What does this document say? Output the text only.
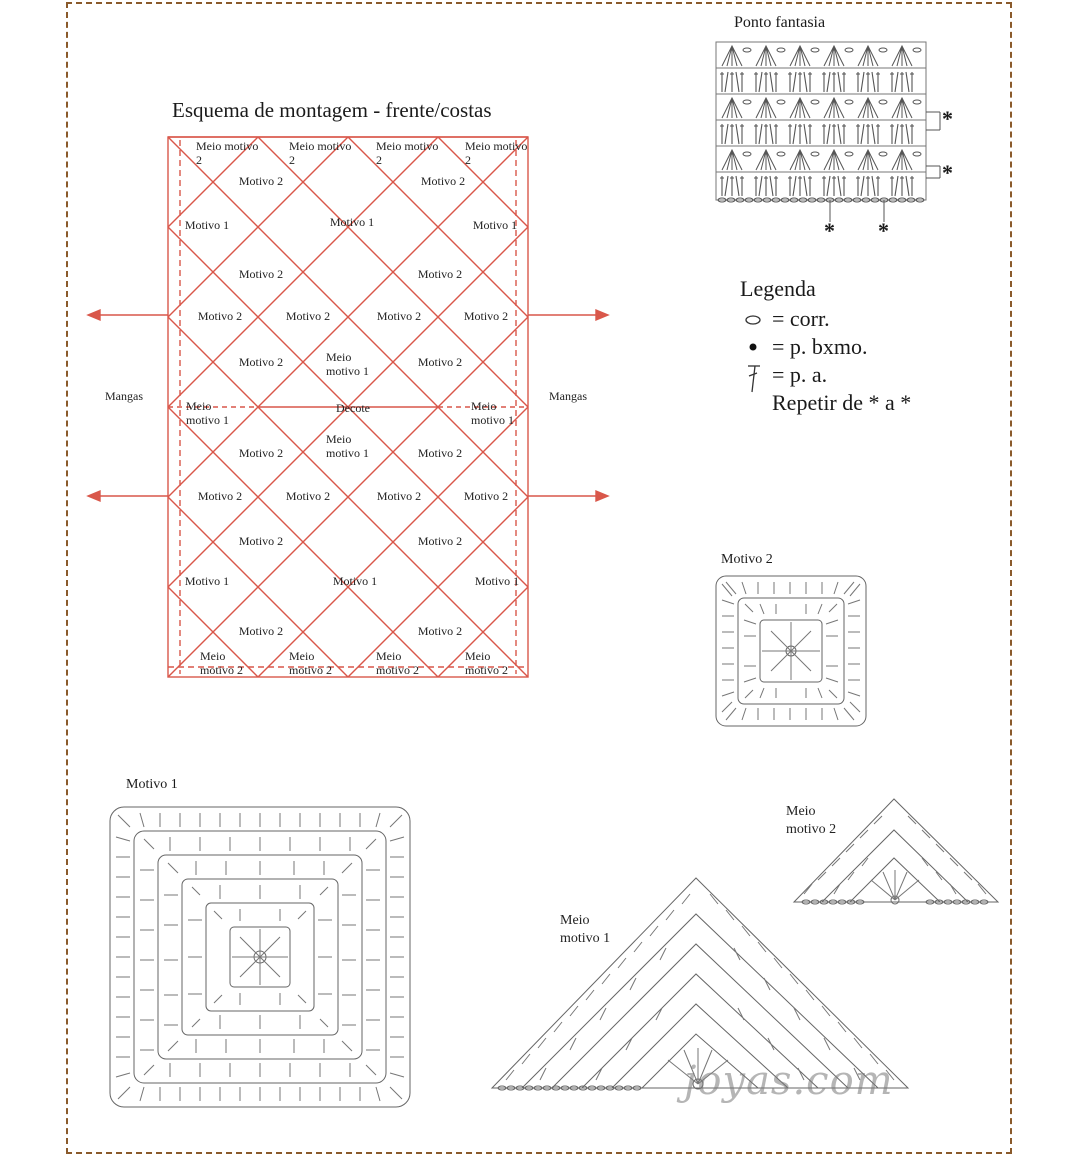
Esquema de montagem - frente/costas
Meio motivo 2
Meio motivo 2
Meio motivo 2
Meio motivo 2
Motivo 2	Motivo 2
Motivo 1	Motivo 1	Motivo 1
Motivo 2	Motivo 2
Motivo 2	Motivo 2	Motivo 2	Motivo 2
Motivo 2	Meio motivo 1
Motivo 2
Mangas	Mangas
Meio motivo 1
Decote	Meio motivo 1
Meio motivo 1
Motivo 2	Motivo 2
Motivo 2	Motivo 2	Motivo 2	Motivo 2
Motivo 2	Motivo 2
Motivo 1	Motivo 1	Motivo 1
Motivo 2	Motivo 2
Meio motivo 2
Meio motivo 2
Meio motivo 2
Meio motivo 2
Ponto fantasia
*
*
* *
Legenda
= corr.
= p. bxmo.
= p. a.
Repetir de * a *
Motivo 2
Motivo 1
Meio motivo 2
Meio motivo 1
joyas.com
